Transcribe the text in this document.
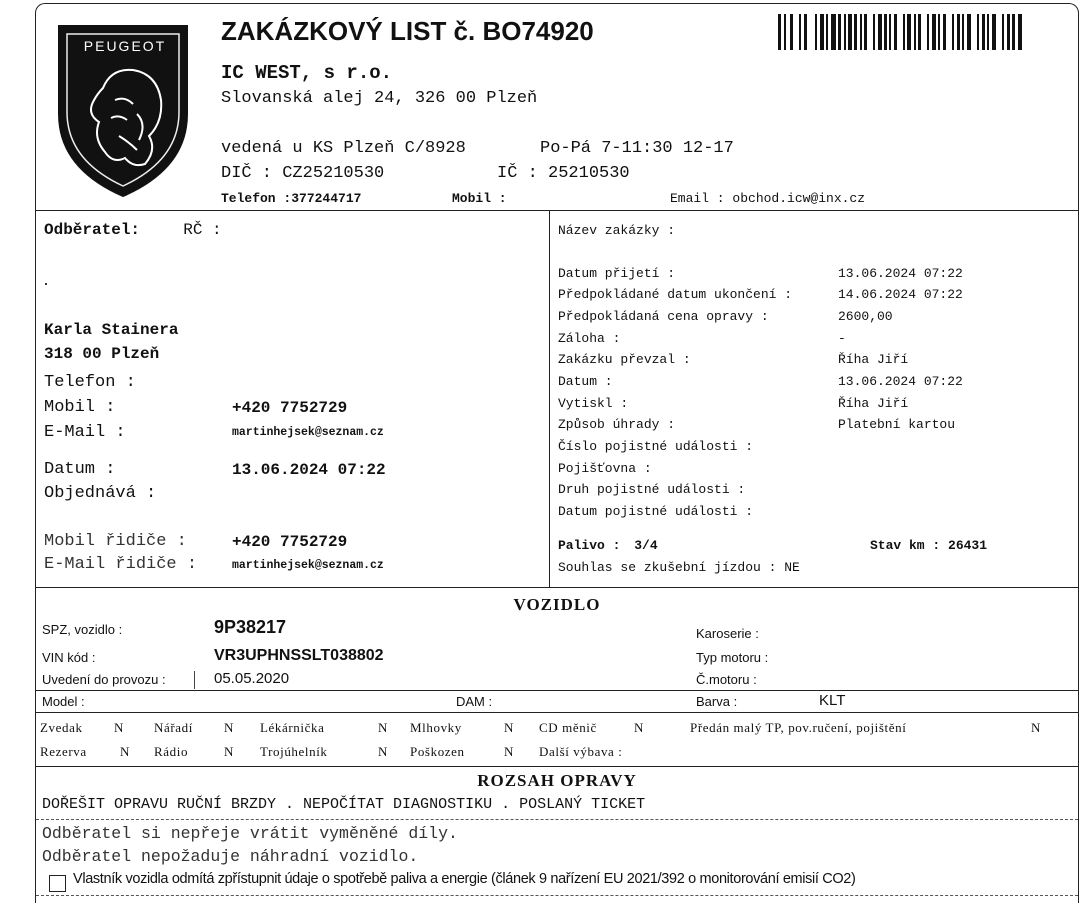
PEUGEOT	ZAKÁZKOVÝ LIST č. BO74920
IC WEST, s r.o.
Slovanská alej 24, 326 00 Plzeň
vedená u KS Plzeň C/8928	Po-Pá 7-11:30 12-17
DIČ : CZ25210530	IČ : 25210530
Telefon :377244717	Mobil :	Email : obchod.icw@inx.cz
Odběratel:	RČ :
Karla Stainera
318 00 Plzeň
Telefon :
Mobil :	+420 7752729
E-Mail :	martinhejsek@seznam.cz
Datum :	13.06.2024 07:22
Objednává :
Mobil řidiče :	+420 7752729
E-Mail řidiče :	martinhejsek@seznam.cz
Název zakázky :
Datum přijetí :	13.06.2024 07:22
Předpokládané datum ukončení :	14.06.2024 07:22
Předpokládaná cena opravy :	2600,00
Záloha :	-
Zakázku převzal :	Říha Jiří
Datum :	13.06.2024 07:22
Vytiskl :	Říha Jiří
Způsob úhrady :	Platební kartou
Číslo pojistné události :
Pojišťovna :
Druh pojistné události :
Datum pojistné události :
Palivo : 3/4	Stav km : 26431
Souhlas se zkušební jízdou : NE
VOZIDLO
SPZ, vozidlo :	9P38217
VIN kód :	VR3UPHNSSLT038802
Uvedení do provozu :	05.05.2020
Karoserie :
Typ motoru :
Č.motoru :
Model :	DAM :	Barva :	KLT
Zvedak N Nářadí N Lékárnička	N Mlhovky	N CD měnič	N	Předán malý TP, pov.ručení, pojištění	N
Rezerva	N Rádio	N Trojúhelník	N Poškozen	N Další výbava :
ROZSAH OPRAVY
DOŘEŠIT OPRAVU RUČNÍ BRZDY . NEPOČÍTAT DIAGNOSTIKU . POSLANÝ TICKET
Odběratel si nepřeje vrátit vyměněné díly.
Odběratel nepožaduje náhradní vozidlo.
Vlastník vozidla odmítá zpřístupnit údaje o spotřebě paliva a energie (článek 9 nařízení EU 2021/392 o monitorování emisií CO2)
